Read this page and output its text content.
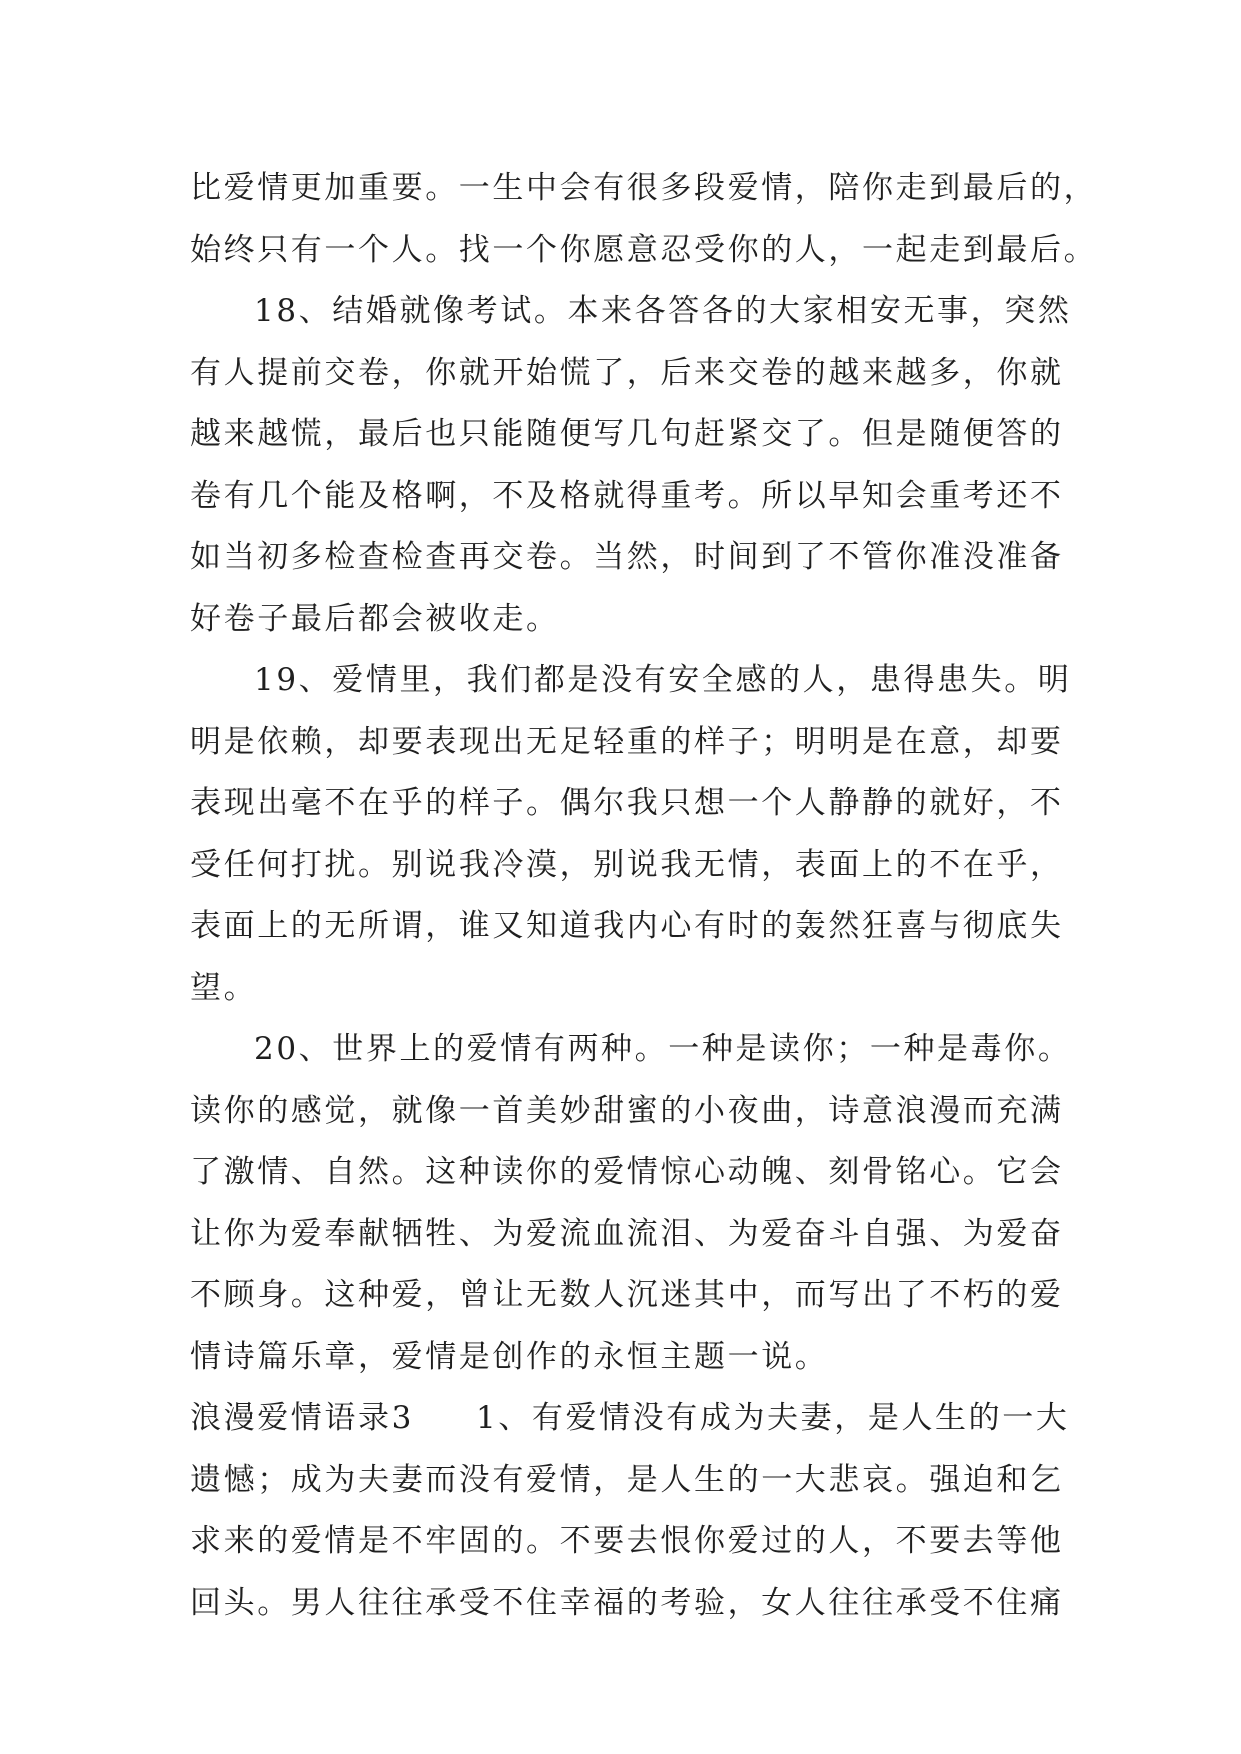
比爱情更加重要。一生中会有很多段爱情，陪你走到最后的，
始终只有一个人。找一个你愿意忍受你的人，一起走到最后。
18、结婚就像考试。本来各答各的大家相安无事，突然
有人提前交卷，你就开始慌了，后来交卷的越来越多，你就
越来越慌，最后也只能随便写几句赶紧交了。但是随便答的
卷有几个能及格啊，不及格就得重考。所以早知会重考还不
如当初多检查检查再交卷。当然，时间到了不管你准没准备
好卷子最后都会被收走。
19、爱情里，我们都是没有安全感的人，患得患失。明
明是依赖，却要表现出无足轻重的样子；明明是在意，却要
表现出毫不在乎的样子。偶尔我只想一个人静静的就好，不
受任何打扰。别说我冷漠，别说我无情，表面上的不在乎，
表面上的无所谓，谁又知道我内心有时的轰然狂喜与彻底失
望。
20、世界上的爱情有两种。一种是读你；一种是毒你。
读你的感觉，就像一首美妙甜蜜的小夜曲，诗意浪漫而充满
了激情、自然。这种读你的爱情惊心动魄、刻骨铭心。它会
让你为爱奉献牺牲、为爱流血流泪、为爱奋斗自强、为爱奋
不顾身。这种爱，曾让无数人沉迷其中，而写出了不朽的爱
情诗篇乐章，爱情是创作的永恒主题一说。
浪漫爱情语录3 1、有爱情没有成为夫妻，是人生的一大
遗憾；成为夫妻而没有爱情，是人生的一大悲哀。强迫和乞
求来的爱情是不牢固的。不要去恨你爱过的人，不要去等他
回头。男人往往承受不住幸福的考验，女人往往承受不住痛
